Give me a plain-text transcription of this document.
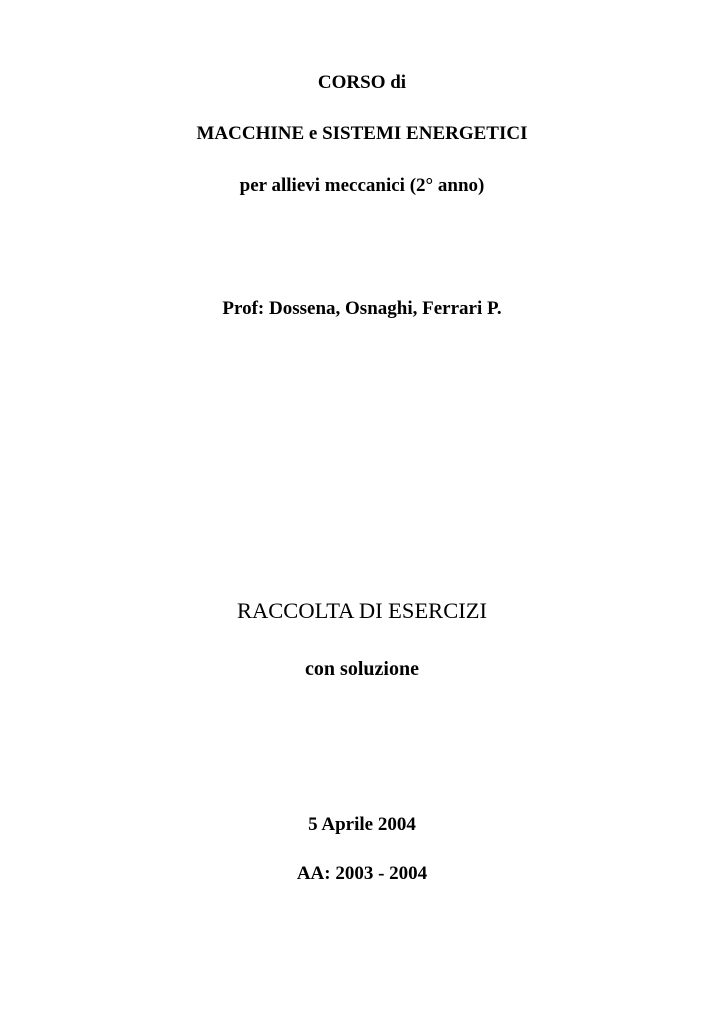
CORSO di
MACCHINE e SISTEMI ENERGETICI
per allievi meccanici (2° anno)
Prof: Dossena, Osnaghi, Ferrari P.
RACCOLTA DI ESERCIZI
con soluzione
5 Aprile 2004
AA: 2003 - 2004
